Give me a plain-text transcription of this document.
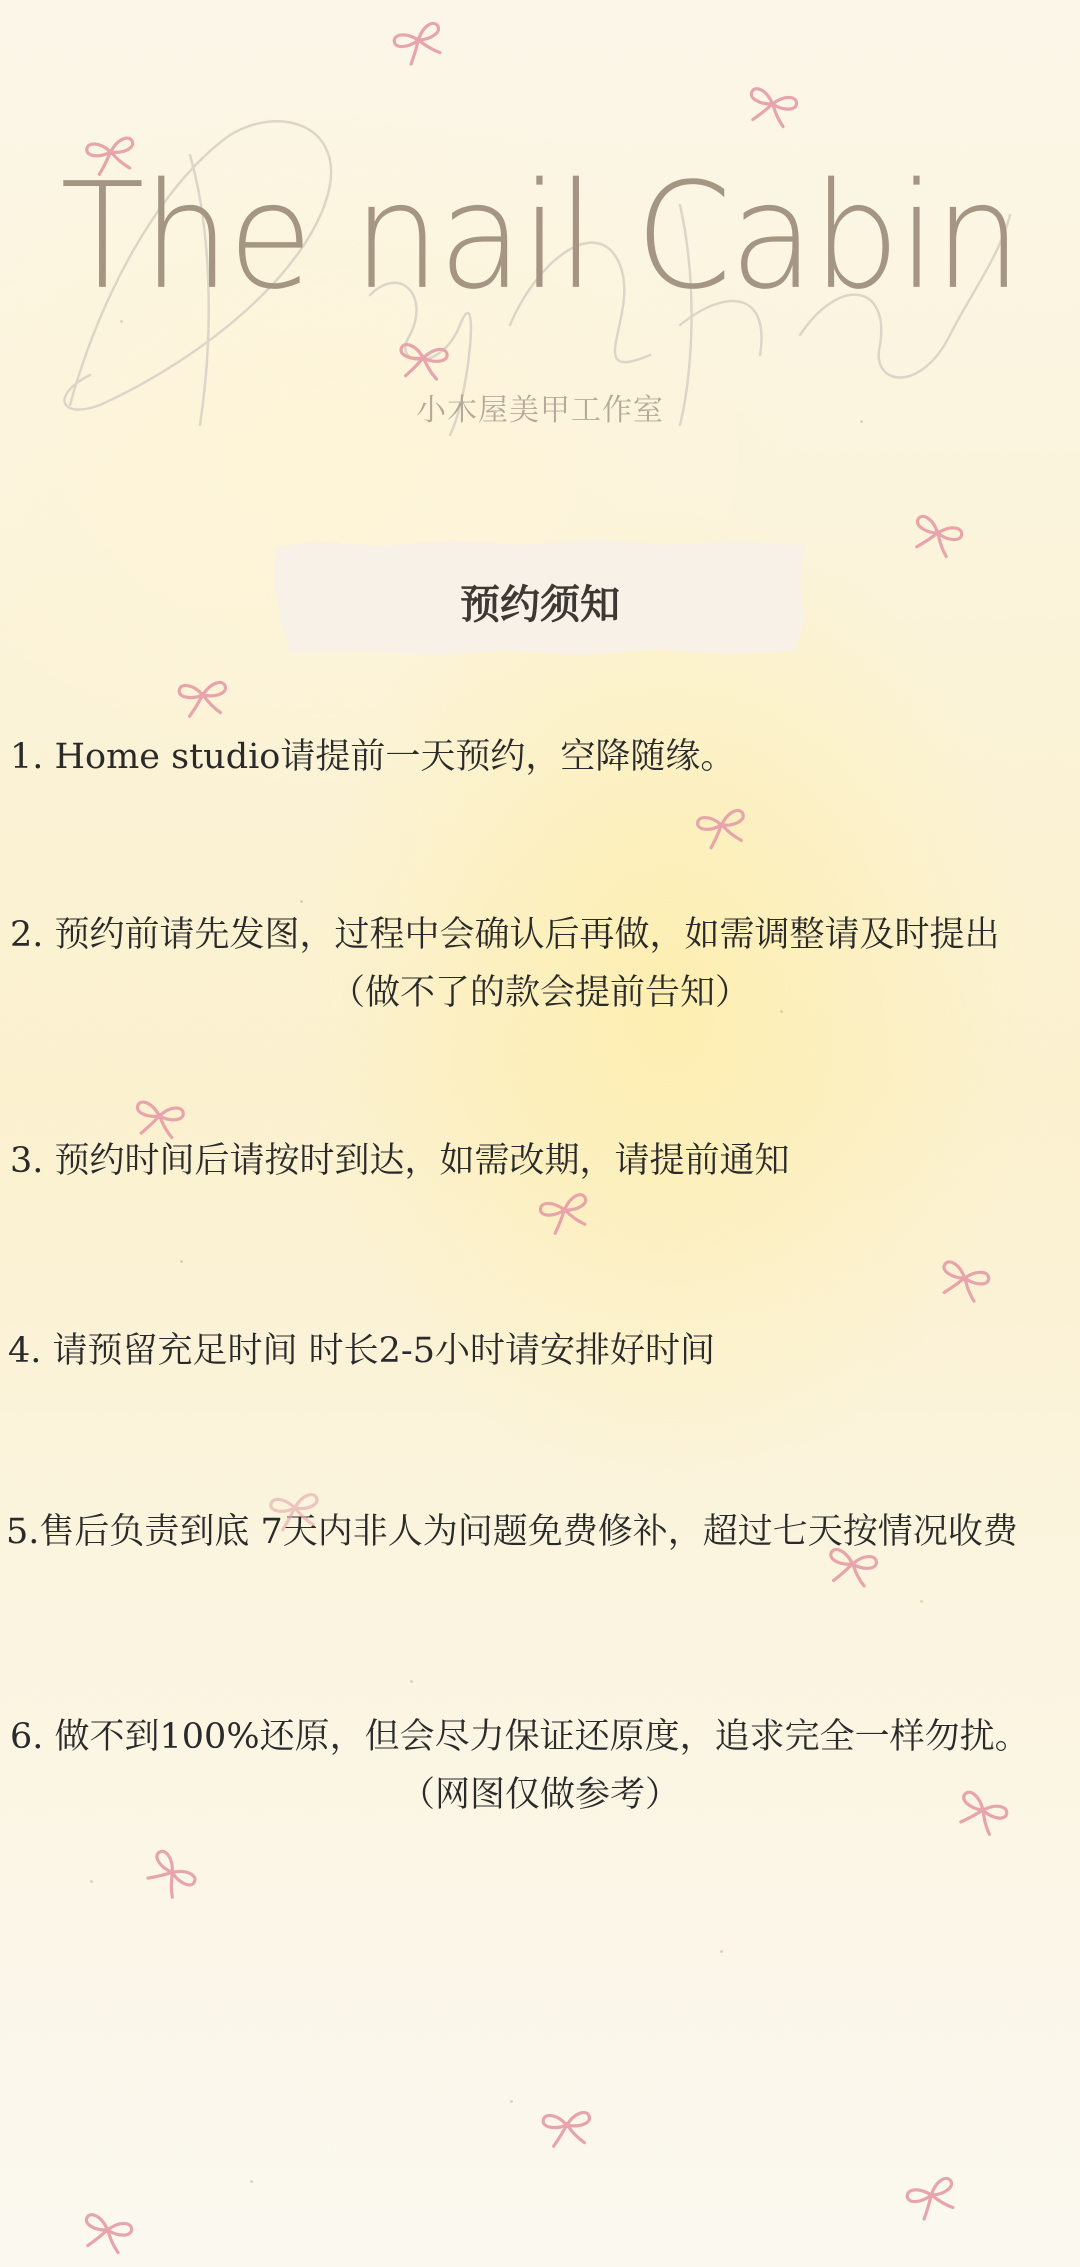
The nail Cabin
小木屋美甲工作室
预约须知
1. Home studio请提前一天预约，空降随缘。
2. 预约前请先发图，过程中会确认后再做，如需调整请及时提出
（做不了的款会提前告知）
3. 预约时间后请按时到达，如需改期，请提前通知
4. 请预留充足时间 时长2-5小时请安排好时间
5.售后负责到底 7天内非人为问题免费修补，超过七天按情况收费
6. 做不到100%还原，但会尽力保证还原度，追求完全一样勿扰。
（网图仅做参考）
